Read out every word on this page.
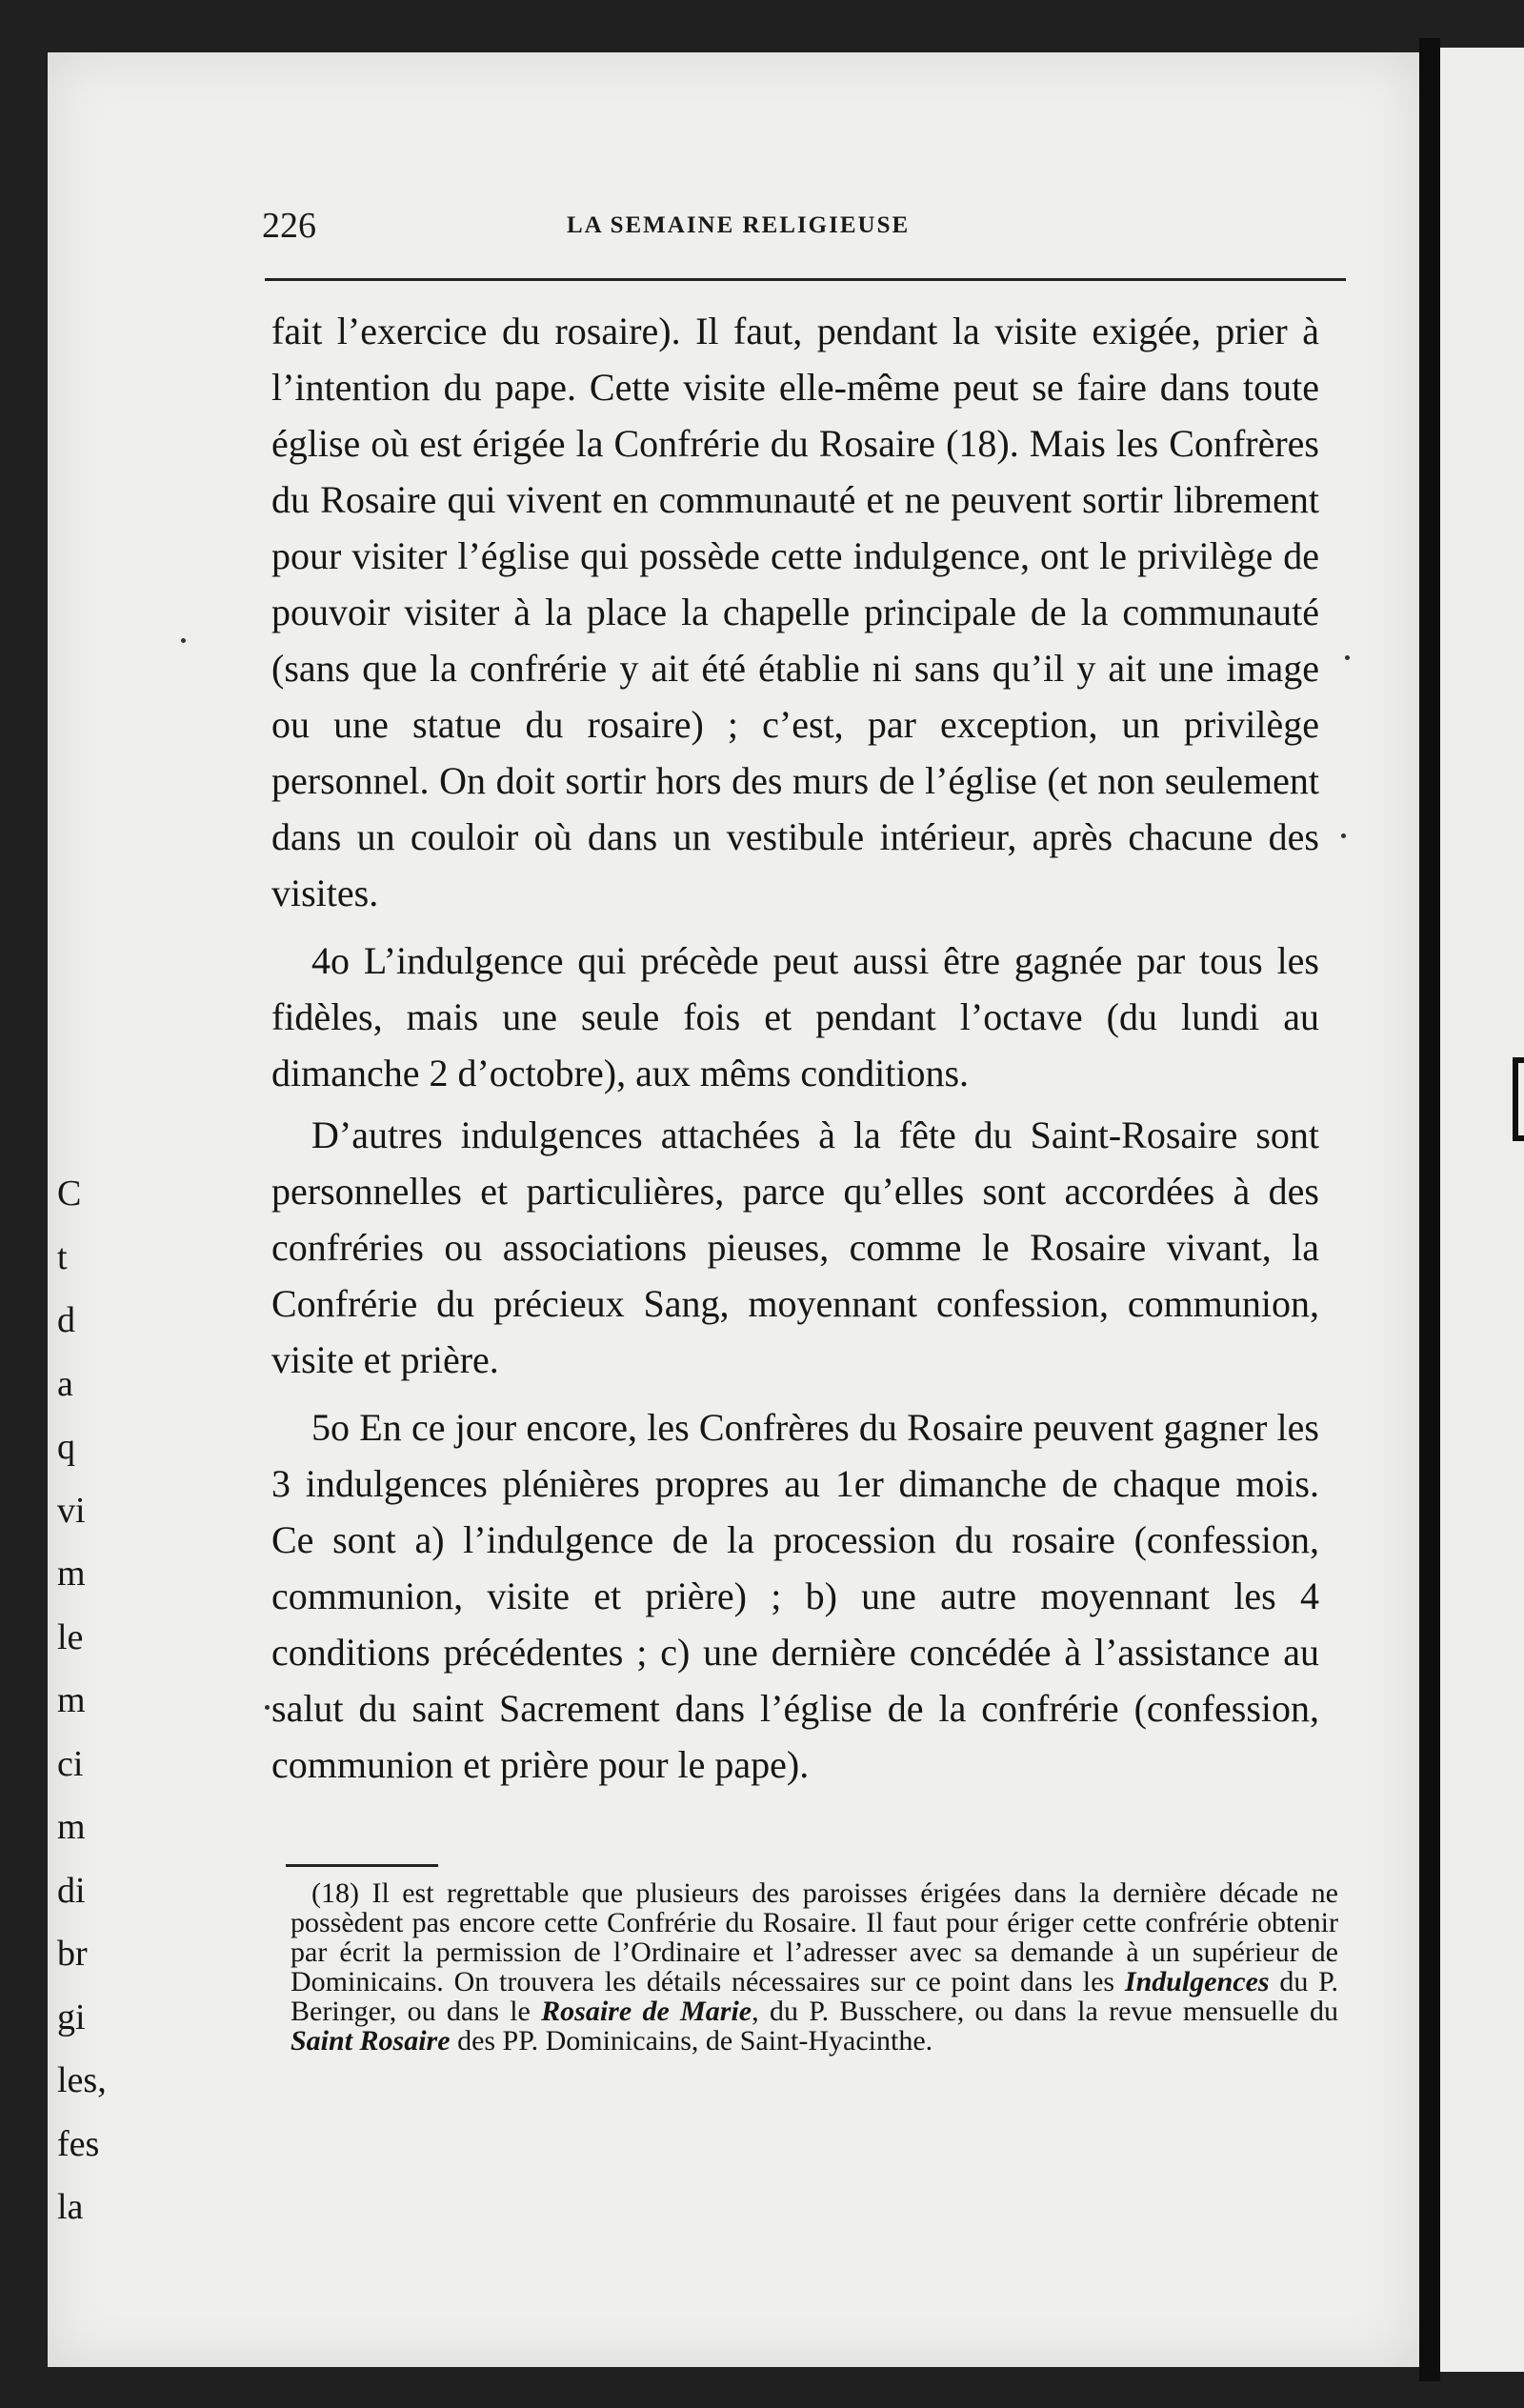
C
t
d
a
q
vi
m
le
m
ci
m
di
br
gi
les,
fes
la
226	LA SEMAINE RELIGIEUSE

fait l’exercice du rosaire). Il faut, pendant la visite exigée, prier à l’intention du pape. Cette visite elle-même peut se faire dans toute église où est érigée la Confrérie du Rosaire (18). Mais les Confrères du Rosaire qui vivent en communauté et ne peuvent sortir librement pour visiter l’église qui possède cette indulgence, ont le privilège de pouvoir visiter à la place la chapelle principale de la communauté (sans que la confrérie y ait été établie ni sans qu’il y ait une image ou une statue du rosaire) ; c’est, par exception, un privilège personnel. On doit sortir hors des murs de l’église (et non seulement dans un couloir où dans un vestibule intérieur, après chacune des visites.

4o L’indulgence qui précède peut aussi être gagnée par tous les fidèles, mais une seule fois et pendant l’octave (du lundi au dimanche 2 d’octobre), aux mêms conditions.

D’autres indulgences attachées à la fête du Saint-Rosaire sont personnelles et particulières, parce qu’elles sont accordées à des confréries ou associations pieuses, comme le Rosaire vivant, la Confrérie du précieux Sang, moyennant confession, communion, visite et prière.

5o En ce jour encore, les Confrères du Rosaire peuvent gagner les 3 indulgences plénières propres au 1er dimanche de chaque mois. Ce sont a) l’indulgence de la procession du rosaire (confession, communion, visite et prière) ; b) une autre moyennant les 4 conditions précédentes ; c) une dernière concédée à l’assistance au salut du saint Sacrement dans l’église de la confrérie (confession, communion et prière pour le pape).

(18) Il est regrettable que plusieurs des paroisses érigées dans la dernière décade ne possèdent pas encore cette Confrérie du Rosaire. Il faut pour ériger cette confrérie obtenir par écrit la permission de l’Ordinaire et l’adresser avec sa demande à un supérieur de Dominicains. On trouvera les détails nécessaires sur ce point dans les Indulgences du P. Beringer, ou dans le Rosaire de Marie, du P. Busschere, ou dans la revue mensuelle du Saint Rosaire des PP. Dominicains, de Saint-Hyacinthe.
